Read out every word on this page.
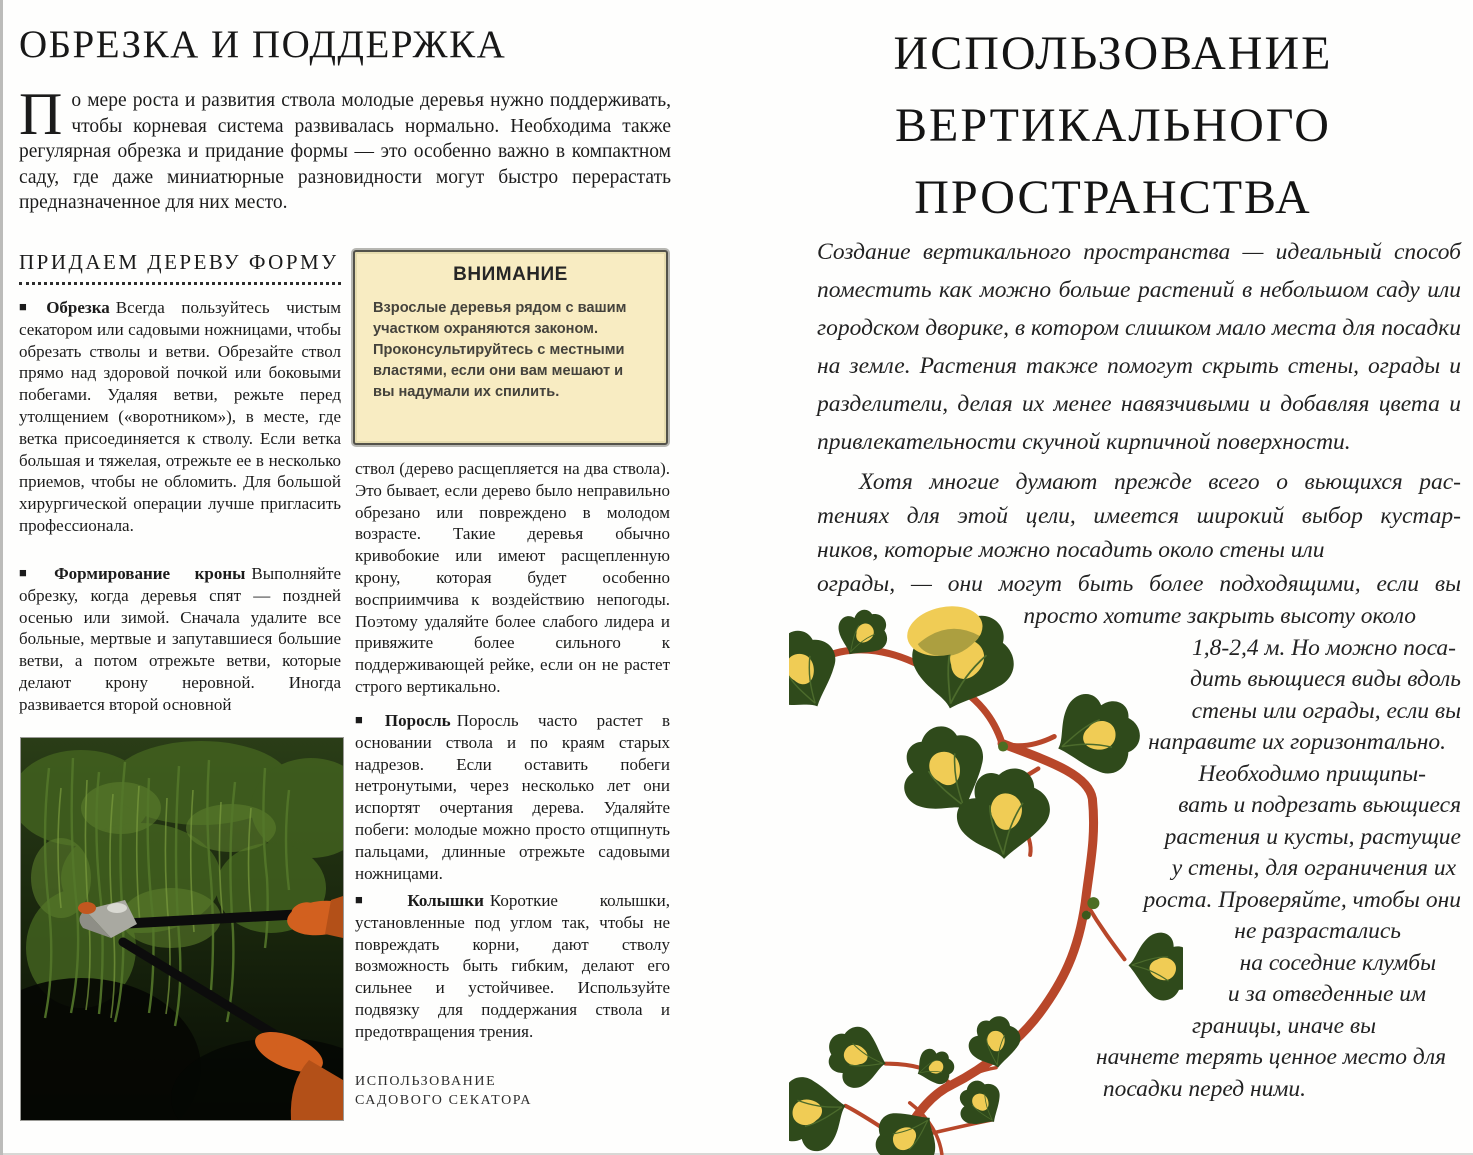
ОБРЕЗКА И ПОДДЕРЖКА
По мере роста и развития ствола молодые деревья нужно поддерживать, чтобы корневая система развивалась нормально. Необходима также регулярная обрезка и придание формы — это особенно важно в компактном саду, где даже миниатюрные разновидности могут быстро перерастать предназначенное для них место.
ПРИДАЕМ ДЕРЕВУ ФОРМУ
■ Обрезка Всегда пользуйтесь чистым секатором или садовыми ножницами, чтобы обрезать стволы и ветви. Обрезайте ствол прямо над здоровой почкой или боковыми побегами. Удаляя ветви, режьте перед утолщением («воротником»), в месте, где ветка присоединяется к стволу. Если ветка большая и тяжелая, отрежьте ее в несколько приемов, чтобы не обломить. Для большой хирургической операции лучше пригласить профессионала.
■ Формирование кроны Выполняйте обрезку, когда деревья спят — поздней осенью или зимой. Сначала удалите все больные, мертвые и запутавшиеся большие ветви, а потом отрежьте ветви, которые делают крону неровной. Иногда развивается второй основной
ВНИМАНИЕ
Взрослые деревья рядом с вашим участком охраняются законом. Проконсультируйтесь с местными властями, если они вам мешают и вы надумали их спилить.
ствол (дерево расщепляется на два ствола). Это бывает, если дерево было неправильно обрезано или повреждено в молодом возрасте. Такие деревья обычно кривобокие или имеют расщепленную крону, которая будет особенно восприимчива к воздействию непогоды. Поэтому удаляйте более слабого лидера и привяжите более сильного к поддерживающей рейке, если он не растет строго вертикально.
■ Поросль Поросль часто растет в основании ствола и по краям старых надрезов. Если оставить побеги нетронутыми, через несколько лет они испортят очертания дерева. Удаляйте побеги: молодые можно просто отщипнуть пальцами, длинные отрежьте садовыми ножницами.
■ Колышки Короткие колышки, установленные под углом так, чтобы не повреждать корни, дают стволу возможность быть гибким, делают его сильнее и устойчивее. Используйте подвязку для поддержания ствола и предотвращения трения.
ИСПОЛЬЗОВАНИЕ
САДОВОГО СЕКАТОРА
ИСПОЛЬЗОВАНИЕ
ВЕРТИКАЛЬНОГО
ПРОСТРАНСТВА
Создание вертикального пространства — идеальный способ поместить как можно больше растений в небольшом саду или городском дворике, в котором слишком мало места для посадки на земле. Растения также помогут скрыть стены, ограды и разделители, делая их менее навязчивыми и добавляя цвета и привлекательности скучной кирпичной поверхности.
Хотя многие думают прежде всего о вьющихся рас-
тениях для этой цели, имеется широкий выбор кустар-
ников, которые можно посадить около стены или
ограды, — они могут быть более подходящими, если вы
просто хотите закрыть высоту около
1,8-2,4 м. Но можно поса-
дить вьющиеся виды вдоль
стены или ограды, если вы
направите их горизонтально.
Необходимо прищипы-
вать и подрезать вьющиеся
растения и кусты, растущие
у стены, для ограничения их
роста. Проверяйте, чтобы они
не разрастались
на соседние клумбы
и за отведенные им
границы, иначе вы
начнете терять ценное место для
посадки перед ними.
